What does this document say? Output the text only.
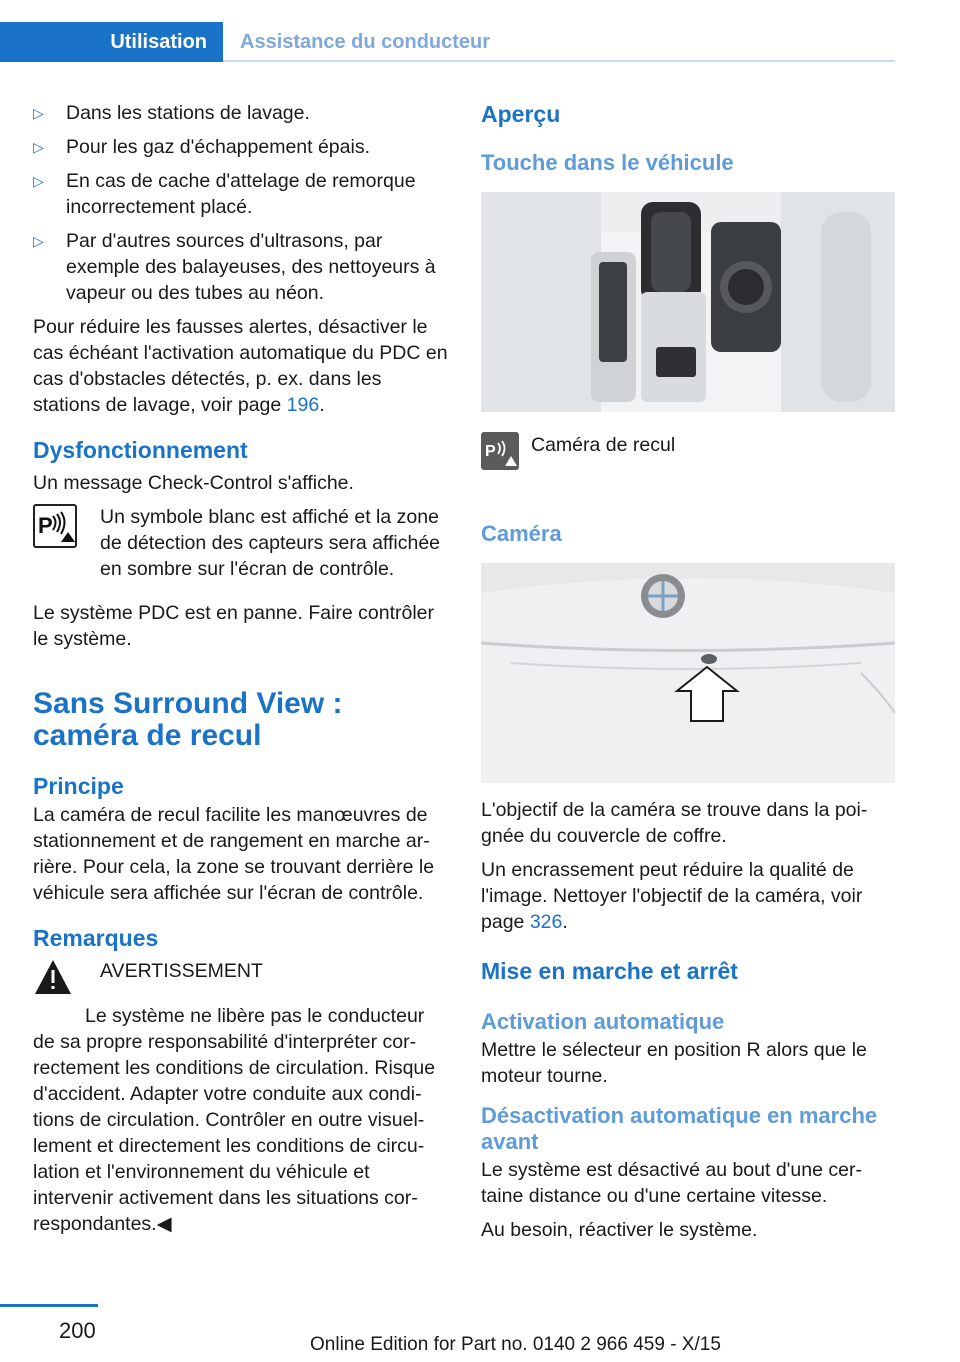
Utilisation Assistance du conducteur
▷	Dans les stations de lavage.
▷	Pour les gaz d'échappement épais.
▷	En cas de cache d'attelage de remorque incorrectement placé.
▷	Par d'autres sources d'ultrasons, par exemple des balayeuses, des nettoyeurs à vapeur ou des tubes au néon.

Pour réduire les fausses alertes, désactiver le cas échéant l'activation automatique du PDC en cas d'obstacles détectés, p. ex. dans les stations de lavage, voir page 196.

Dysfonctionnement

Un message Check-Control s'affiche.

P Un symbole blanc est affiché et la zone de détection des capteurs sera affichée en sombre sur l'écran de contrôle.

Le système PDC est en panne. Faire contrôler le système.

Sans Surround View : caméra de recul
Principe

La caméra de recul facilite les manœuvres de stationnement et de rangement en marche arrière. Pour cela, la zone se trouvant derrière le véhicule sera affichée sur l'écran de contrôle.

Remarques
AVERTISSEMENT

Le système ne libère pas le conducteur de sa propre responsabilité d'interpréter correctement les conditions de circulation. Risque d'accident. Adapter votre conduite aux conditions de circulation. Contrôler en outre visuellement et directement les conditions de circulation et l'environnement du véhicule et intervenir activement dans les situations correspondantes.◀

Aperçu
Touche dans le véhicule
P Caméra de recul
Caméra

L'objectif de la caméra se trouve dans la poignée du couvercle de coffre.

Un encrassement peut réduire la qualité de l'image. Nettoyer l'objectif de la caméra, voir page 326.

Mise en marche et arrêt
Activation automatique

Mettre le sélecteur en position R alors que le moteur tourne.

Désactivation automatique en marche avant

Le système est désactivé au bout d'une certaine distance ou d'une certaine vitesse.

Au besoin, réactiver le système.

200
Online Edition for Part no. 0140 2 966 459 - X/15
